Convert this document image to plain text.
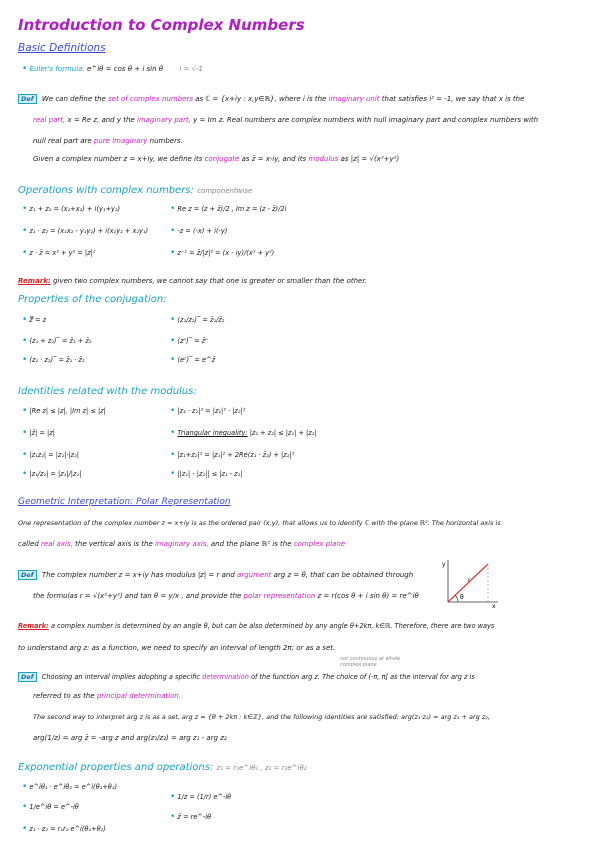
Introduction to Complex Numbers
Basic Definitions
• Euler's formula: e^iθ = cos θ + i sin θ i = √-1
Def We can define the set of complex numbers as ℂ = {x+iy : x,y∈ℝ}, where i is the imaginary unit that satisfies i² = -1, we say that x is the
real part, x = Re z, and y the imaginary part, y = Im z. Real numbers are complex numbers with null imaginary part and complex numbers with
null real part are pure imaginary numbers.
Given a complex number z = x+iy, we define its conjugate as z̄ = x-iy, and its modulus as |z| = √(x²+y²)
Operations with complex numbers: componentwise
• z₁ + z₂ = (x₁+x₂) + i(y₁+y₂)
• z₁ · z₂ = (x₁x₂ - y₁y₂) + i(x₁y₂ + x₂y₁)
• z · z̄ = x² + y² = |z|²
• Re z = (z + z̄)/2 , Im z = (z - z̄)/2i
• -z = (-x) + i(-y)
• z⁻¹ = z̄/|z|² = (x - iy)/(x² + y²)
Remark: given two complex numbers, we cannot say that one is greater or smaller than the other.
Properties of the conjugation:
• z̿ = z
• (z₁ + z₂)‾ = z̄₁ + z̄₂
• (z₁ · z₂)‾ = z̄₁ · z̄₂
• (z₁/z₂)‾ = z̄₁/z̄₂
• (zⁿ)‾ = z̄ⁿ
• (eᶻ)‾ = e^z̄
Identities related with the modulus:
• |Re z| ≤ |z|, |Im z| ≤ |z|
• |z̄| = |z|
• |z₁z₂| = |z₁|·|z₂|
• |z₁/z₂| = |z₁|/|z₂|
• |z₁ · z₂|² = |z₁|² · |z₂|²
• Triangular inequality: |z₁ + z₂| ≤ |z₁| + |z₂|
• |z₁+z₂|² = |z₁|² + 2Re(z₁ · z̄₂) + |z₂|²
• ||z₁| - |z₂|| ≤ |z₁ - z₂|
Geometric Interpretation: Polar Representation
One representation of the complex number z = x+iy is as the ordered pair (x,y), that allows us to identify ℂ with the plane ℝ². The horizontal axis is
called real axis, the vertical axis is the imaginary axis, and the plane ℝ² is the complex plane
Def The complex number z = x+iy has modulus |z| = r and argument arg z = θ, that can be obtained through
the formulas r = √(x²+y²) and tan θ = y/x , and provide the polar representation z = r(cos θ + i sin θ) = re^iθ
y
x
r
θ
Remark: a complex number is determined by an angle θ, but can be also determined by any angle θ+2kπ, k∈ℝ. Therefore, there are two ways
to understand arg z: as a function, we need to specify an interval of length 2π; or as a set.
not continuous at whole complex plane
Def Choosing an interval implies adopting a specific determination of the function arg z. The choice of (-π, π] as the interval for arg z is
referred to as the principal determination.
The second way to interpret arg z is as a set, arg z = {θ + 2kπ : k∈ℤ}, and the following identities are satisfied: arg(z₁·z₂) = arg z₁ + arg z₂,
arg(1/z) = arg z̄ = -arg z and arg(z₁/z₂) = arg z₁ - arg z₂
Exponential properties and operations: z₁ = r₁e^iθ₁ , z₂ = r₂e^iθ₂
• e^iθ₁ · e^iθ₂ = e^i(θ₁+θ₂)
• 1/e^iθ = e^-iθ
• z₁ · z₂ = r₁r₂ e^i(θ₁+θ₂)
• 1/z = (1/r) e^-iθ
• z̄ = re^-iθ
